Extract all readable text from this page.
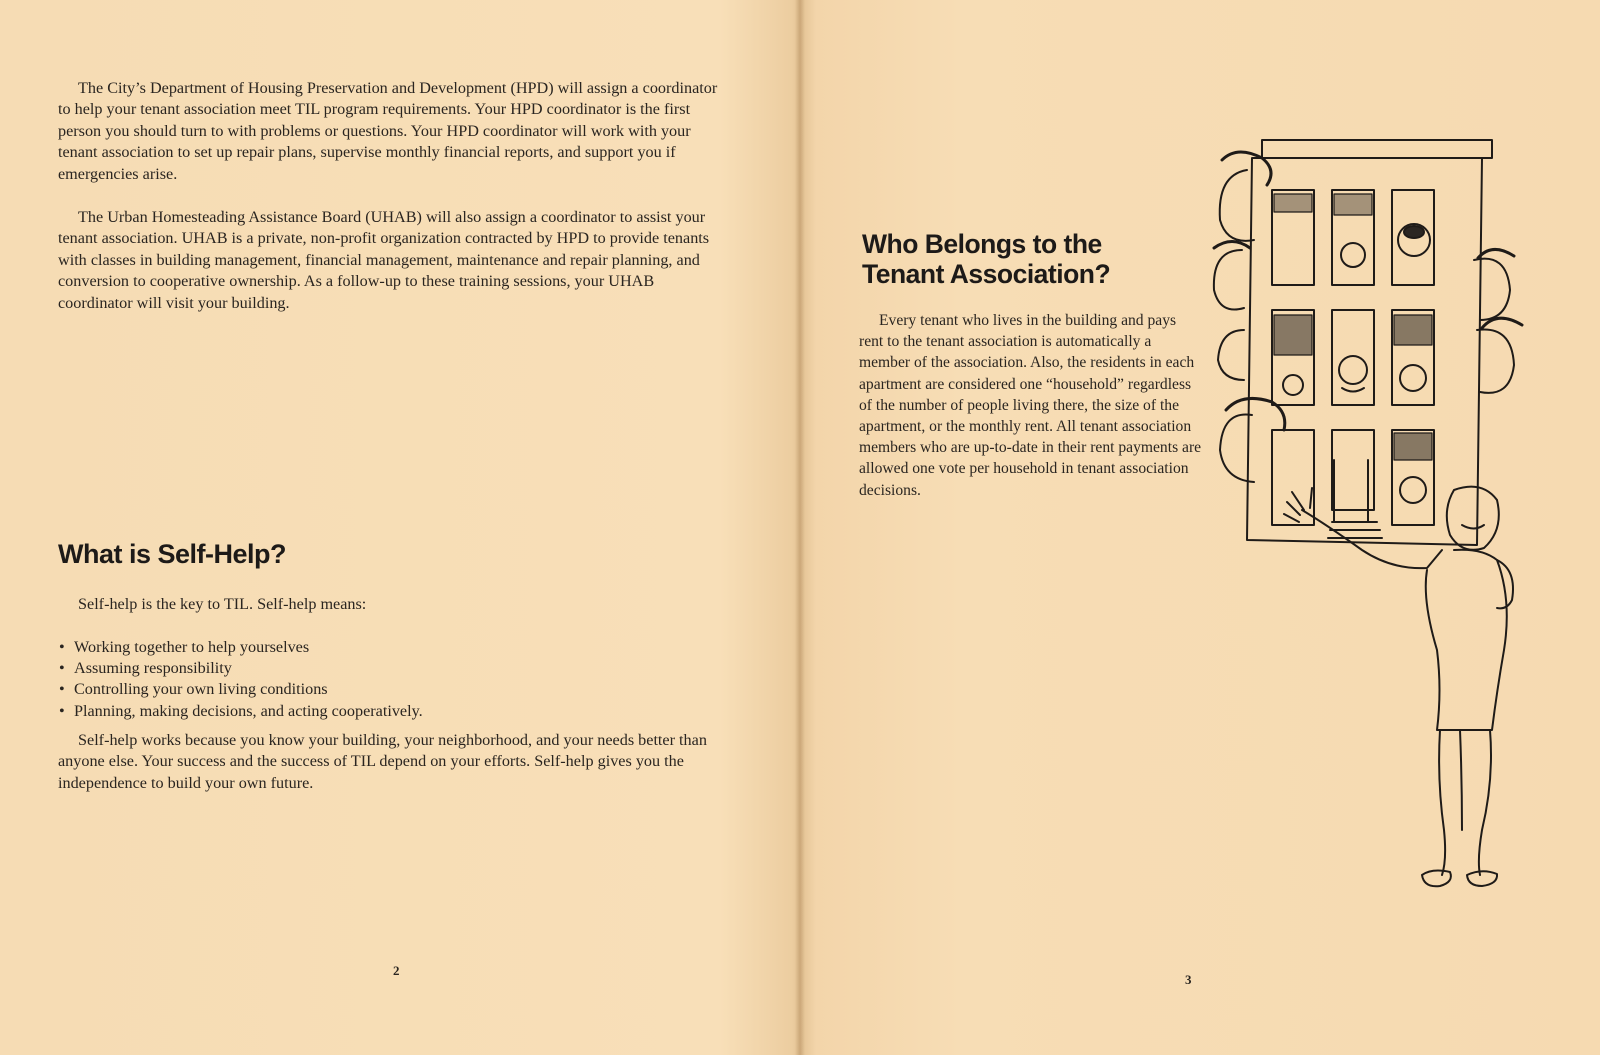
The City’s Department of Housing Preservation and Development (HPD) will assign a coordinator to help your tenant association meet TIL program requirements. Your HPD coordinator is the first person you should turn to with problems or questions. Your HPD coordinator will work with your tenant association to set up repair plans, supervise monthly financial reports, and support you if emergencies arise.

The Urban Homesteading Assistance Board (UHAB) will also assign a coordinator to assist your tenant association. UHAB is a private, non-profit organization contracted by HPD to provide tenants with classes in building management, financial management, maintenance and repair planning, and conversion to cooperative ownership. As a follow-up to these training sessions, your UHAB coordinator will visit your building.

What is Self-Help?

Self-help is the key to TIL. Self-help means:

• Working together to help yourselves
• Assuming responsibility
• Controlling your own living conditions
• Planning, making decisions, and acting cooperatively.

Self-help works because you know your building, your neighborhood, and your needs better than anyone else. Your success and the success of TIL depend on your efforts. Self-help gives you the independence to build your own future.

2

Who Belongs to the Tenant Association?

Every tenant who lives in the building and pays rent to the tenant association is automatically a member of the association. Also, the residents in each apartment are considered one “household” regardless of the number of people living there, the size of the apartment, or the monthly rent. All tenant association members who are up-to-date in their rent payments are allowed one vote per household in tenant association decisions.

3
